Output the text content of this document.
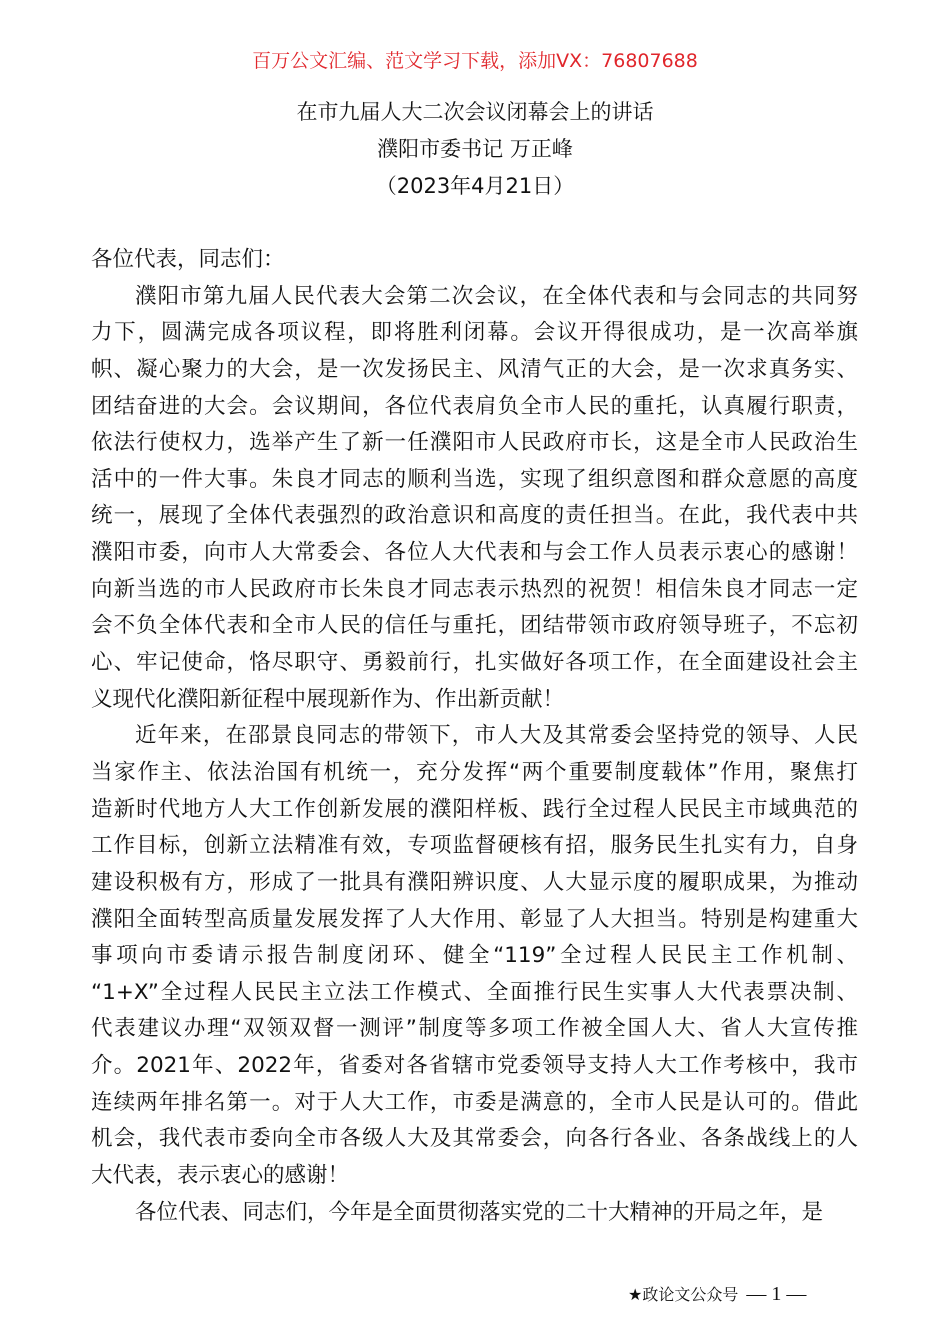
百万公文汇编、范文学习下载，添加VX：76807688
在市九届人大二次会议闭幕会上的讲话
濮阳市委书记 万正峰
（2023年4月21日）
各位代表，同志们：
濮阳市第九届人民代表大会第二次会议，在全体代表和与会同志的共同努
力下，圆满完成各项议程，即将胜利闭幕。会议开得很成功，是一次高举旗
帜、凝心聚力的大会，是一次发扬民主、风清气正的大会，是一次求真务实、
团结奋进的大会。会议期间，各位代表肩负全市人民的重托，认真履行职责，
依法行使权力，选举产生了新一任濮阳市人民政府市长，这是全市人民政治生
活中的一件大事。朱良才同志的顺利当选，实现了组织意图和群众意愿的高度
统一，展现了全体代表强烈的政治意识和高度的责任担当。在此，我代表中共
濮阳市委，向市人大常委会、各位人大代表和与会工作人员表示衷心的感谢！
向新当选的市人民政府市长朱良才同志表示热烈的祝贺！相信朱良才同志一定
会不负全体代表和全市人民的信任与重托，团结带领市政府领导班子，不忘初
心、牢记使命，恪尽职守、勇毅前行，扎实做好各项工作，在全面建设社会主
义现代化濮阳新征程中展现新作为、作出新贡献！
近年来，在邵景良同志的带领下，市人大及其常委会坚持党的领导、人民
当家作主、依法治国有机统一，充分发挥“两个重要制度载体”作用，聚焦打
造新时代地方人大工作创新发展的濮阳样板、践行全过程人民民主市域典范的
工作目标，创新立法精准有效，专项监督硬核有招，服务民生扎实有力，自身
建设积极有方，形成了一批具有濮阳辨识度、人大显示度的履职成果，为推动
濮阳全面转型高质量发展发挥了人大作用、彰显了人大担当。特别是构建重大
事项向市委请示报告制度闭环、健全“119”全过程人民民主工作机制、
“1+X”全过程人民民主立法工作模式、全面推行民生实事人大代表票决制、
代表建议办理“双领双督一测评”制度等多项工作被全国人大、省人大宣传推
介。2021年、2022年，省委对各省辖市党委领导支持人大工作考核中，我市
连续两年排名第一。对于人大工作，市委是满意的，全市人民是认可的。借此
机会，我代表市委向全市各级人大及其常委会，向各行各业、各条战线上的人
大代表，表示衷心的感谢！
各位代表、同志们，今年是全面贯彻落实党的二十大精神的开局之年，是
★政论文公众号 — 1 —
